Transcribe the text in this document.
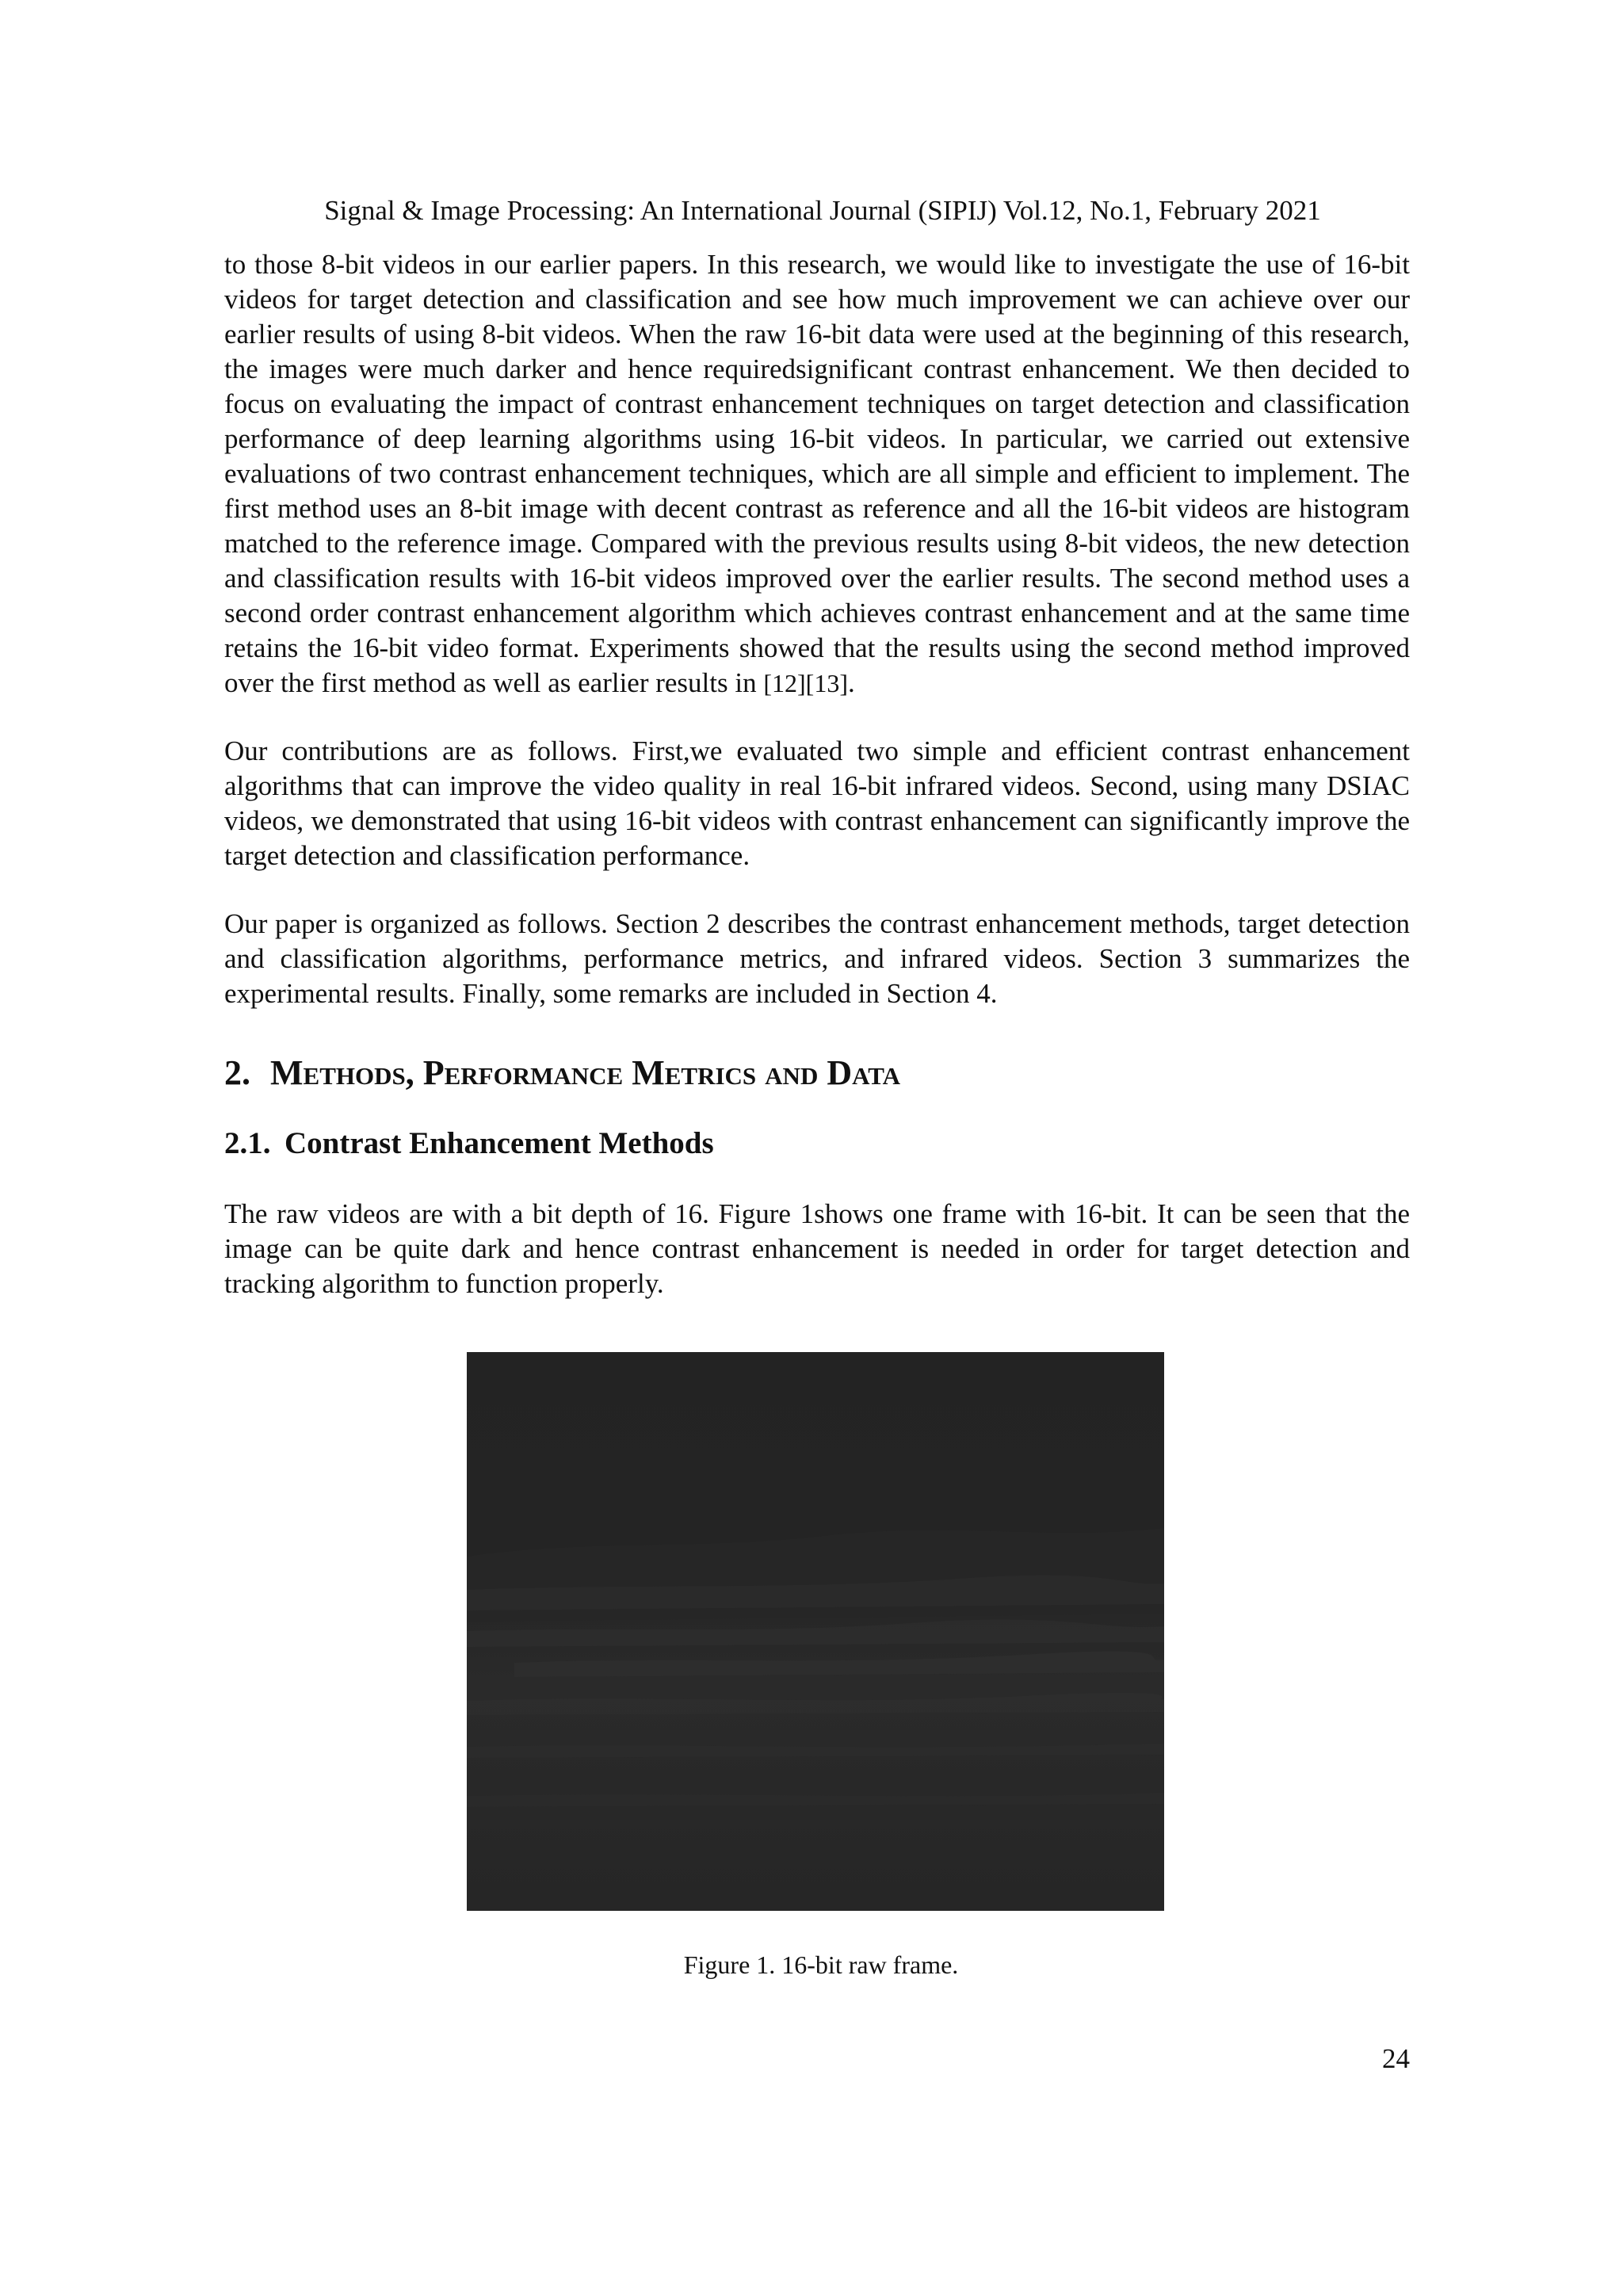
Signal & Image Processing: An International Journal (SIPIJ) Vol.12, No.1, February 2021

to those 8-bit videos in our earlier papers. In this research, we would like to investigate the use of 16-bit videos for target detection and classification and see how much improvement we can achieve over our earlier results of using 8-bit videos. When the raw 16-bit data were used at the beginning of this research, the images were much darker and hence requiredsignificant contrast enhancement. We then decided to focus on evaluating the impact of contrast enhancement techniques on target detection and classification performance of deep learning algorithms using 16-bit videos. In particular, we carried out extensive evaluations of two contrast enhancement techniques, which are all simple and efficient to implement. The first method uses an 8-bit image with decent contrast as reference and all the 16-bit videos are histogram matched to the reference image. Compared with the previous results using 8-bit videos, the new detection and classification results with 16-bit videos improved over the earlier results. The second method uses a second order contrast enhancement algorithm which achieves contrast enhancement and at the same time retains the 16-bit video format. Experiments showed that the results using the second method improved over the first method as well as earlier results in [12][13].

Our contributions are as follows. First,we evaluated two simple and efficient contrast enhancement algorithms that can improve the video quality in real 16-bit infrared videos. Second, using many DSIAC videos, we demonstrated that using 16-bit videos with contrast enhancement can significantly improve the target detection and classification performance.

Our paper is organized as follows. Section 2 describes the contrast enhancement methods, target detection and classification algorithms, performance metrics, and infrared videos. Section 3 summarizes the experimental results. Finally, some remarks are included in Section 4.

2. Methods, Performance Metrics and Data
2.1. Contrast Enhancement Methods

The raw videos are with a bit depth of 16. Figure 1shows one frame with 16-bit. It can be seen that the image can be quite dark and hence contrast enhancement is needed in order for target detection and tracking algorithm to function properly.

Figure 1. 16-bit raw frame.
24
